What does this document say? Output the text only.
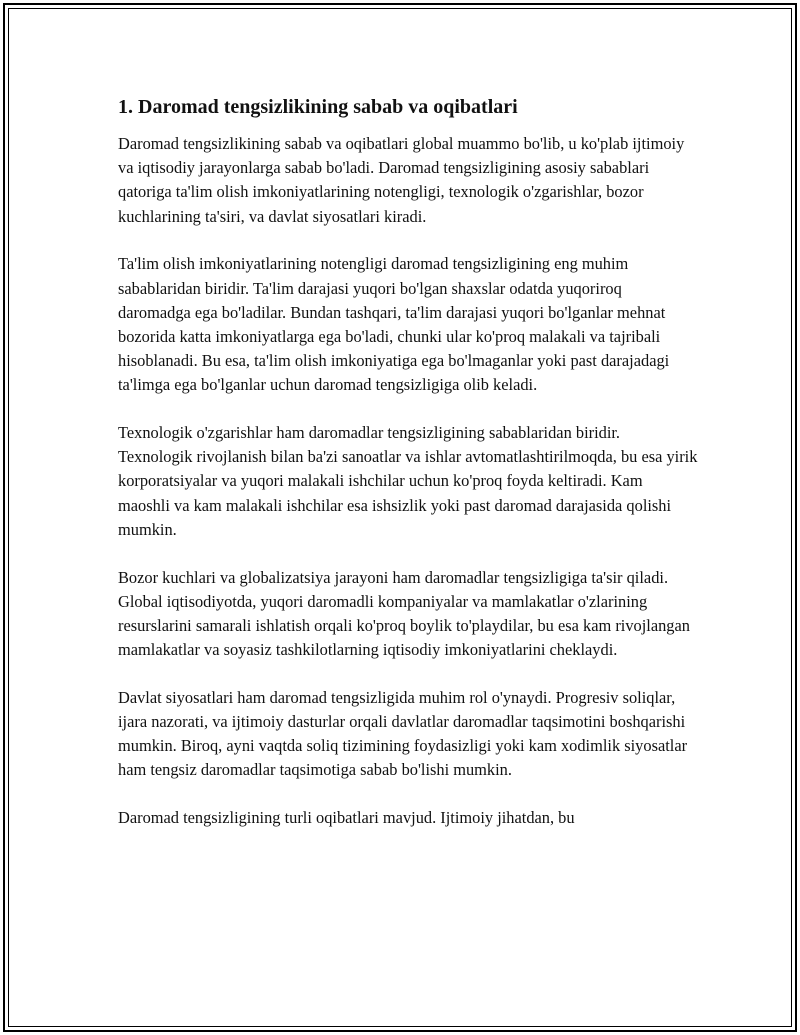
1. Daromad tengsizlikining sabab va oqibatlari

Daromad tengsizlikining sabab va oqibatlari global muammo bo'lib, u ko'plab ijtimoiy va iqtisodiy jarayonlarga sabab bo'ladi. Daromad tengsizligining asosiy sabablari qatoriga ta'lim olish imkoniyatlarining notengligi, texnologik o'zgarishlar, bozor kuchlarining ta'siri, va davlat siyosatlari kiradi.

Ta'lim olish imkoniyatlarining notengligi daromad tengsizligining eng muhim sabablaridan biridir. Ta'lim darajasi yuqori bo'lgan shaxslar odatda yuqoriroq daromadga ega bo'ladilar. Bundan tashqari, ta'lim darajasi yuqori bo'lganlar mehnat bozorida katta imkoniyatlarga ega bo'ladi, chunki ular ko'proq malakali va tajribali hisoblanadi. Bu esa, ta'lim olish imkoniyatiga ega bo'lmaganlar yoki past darajadagi ta'limga ega bo'lganlar uchun daromad tengsizligiga olib keladi.

Texnologik o'zgarishlar ham daromadlar tengsizligining sabablaridan biridir. Texnologik rivojlanish bilan ba'zi sanoatlar va ishlar avtomatlashtirilmoqda, bu esa yirik korporatsiyalar va yuqori malakali ishchilar uchun ko'proq foyda keltiradi. Kam maoshli va kam malakali ishchilar esa ishsizlik yoki past daromad darajasida qolishi mumkin.

Bozor kuchlari va globalizatsiya jarayoni ham daromadlar tengsizligiga ta'sir qiladi. Global iqtisodiyotda, yuqori daromadli kompaniyalar va mamlakatlar o'zlarining resurslarini samarali ishlatish orqali ko'proq boylik to'playdilar, bu esa kam rivojlangan mamlakatlar va soyasiz tashkilotlarning iqtisodiy imkoniyatlarini cheklaydi.

Davlat siyosatlari ham daromad tengsizligida muhim rol o'ynaydi. Progresiv soliqlar, ijara nazorati, va ijtimoiy dasturlar orqali davlatlar daromadlar taqsimotini boshqarishi mumkin. Biroq, ayni vaqtda soliq tizimining foydasizligi yoki kam xodimlik siyosatlar ham tengsiz daromadlar taqsimotiga sabab bo'lishi mumkin.

Daromad tengsizligining turli oqibatlari mavjud. Ijtimoiy jihatdan, bu
